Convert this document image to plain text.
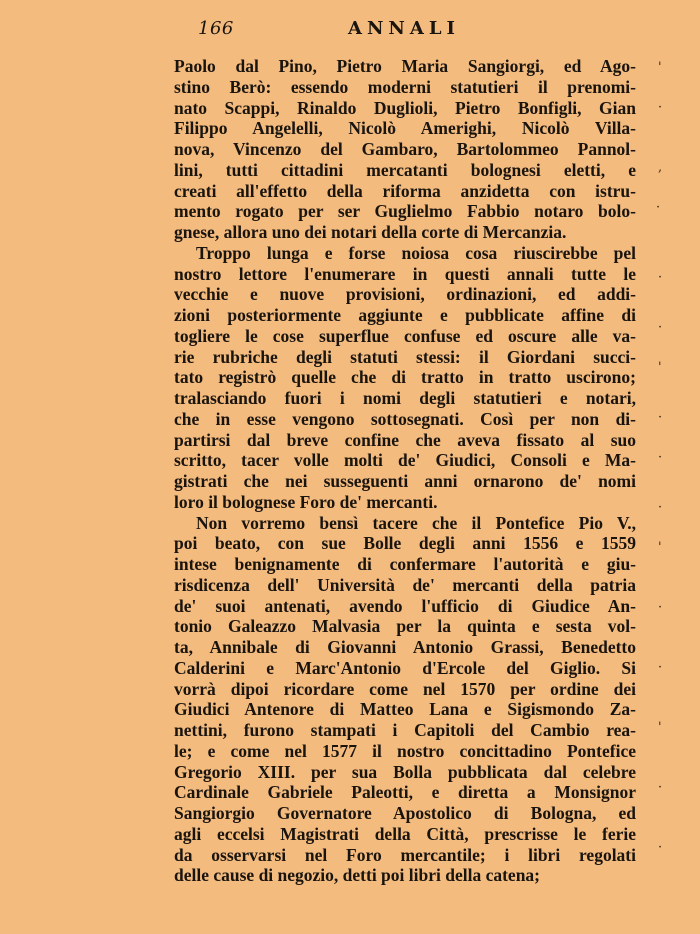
166	ANNALI

Paolo dal Pino, Pietro Maria Sangiorgi, ed Ago-
stino Berò: essendo moderni statutieri il prenomi-
nato Scappi, Rinaldo Duglioli, Pietro Bonfigli, Gian
Filippo Angelelli, Nicolò Amerighi, Nicolò Villa-
nova, Vincenzo del Gambaro, Bartolommeo Pannol-
lini, tutti cittadini mercatanti bolognesi eletti, e
creati all'effetto della riforma anzidetta con istru-
mento rogato per ser Guglielmo Fabbio notaro bolo-
gnese, allora uno dei notari della corte di Mercanzia.

Troppo lunga e forse noiosa cosa riuscirebbe pel
nostro lettore l'enumerare in questi annali tutte le
vecchie e nuove provisioni, ordinazioni, ed addi-
zioni posteriormente aggiunte e pubblicate affine di
togliere le cose superflue confuse ed oscure alle va-
rie rubriche degli statuti stessi: il Giordani succi-
tato registrò quelle che di tratto in tratto uscirono;
tralasciando fuori i nomi degli statutieri e notari,
che in esse vengono sottosegnati. Così per non di-
partirsi dal breve confine che aveva fissato al suo
scritto, tacer volle molti de' Giudici, Consoli e Ma-
gistrati che nei susseguenti anni ornarono de' nomi
loro il bolognese Foro de' mercanti.

Non vorremo bensì tacere che il Pontefice Pio V.,
poi beato, con sue Bolle degli anni 1556 e 1559
intese benignamente di confermare l'autorità e giu-
risdicenza dell' Università de' mercanti della patria
de' suoi antenati, avendo l'ufficio di Giudice An-
tonio Galeazzo Malvasia per la quinta e sesta vol-
ta, Annibale di Giovanni Antonio Grassi, Benedetto
Calderini e Marc'Antonio d'Ercole del Giglio. Si
vorrà dipoi ricordare come nel 1570 per ordine dei
Giudici Antenore di Matteo Lana e Sigismondo Za-
nettini, furono stampati i Capitoli del Cambio rea-
le; e come nel 1577 il nostro concittadino Pontefice
Gregorio XIII. per sua Bolla pubblicata dal celebre
Cardinale Gabriele Paleotti, e diretta a Monsignor
Sangiorgio Governatore Apostolico di Bologna, ed
agli eccelsi Magistrati della Città, prescrisse le ferie
da osservarsi nel Foro mercantile; i libri regolati
delle cause di negozio, detti poi libri della catena;

'
·
,
·
·
·
'
·
·
·
'
·
·
'
·
·
